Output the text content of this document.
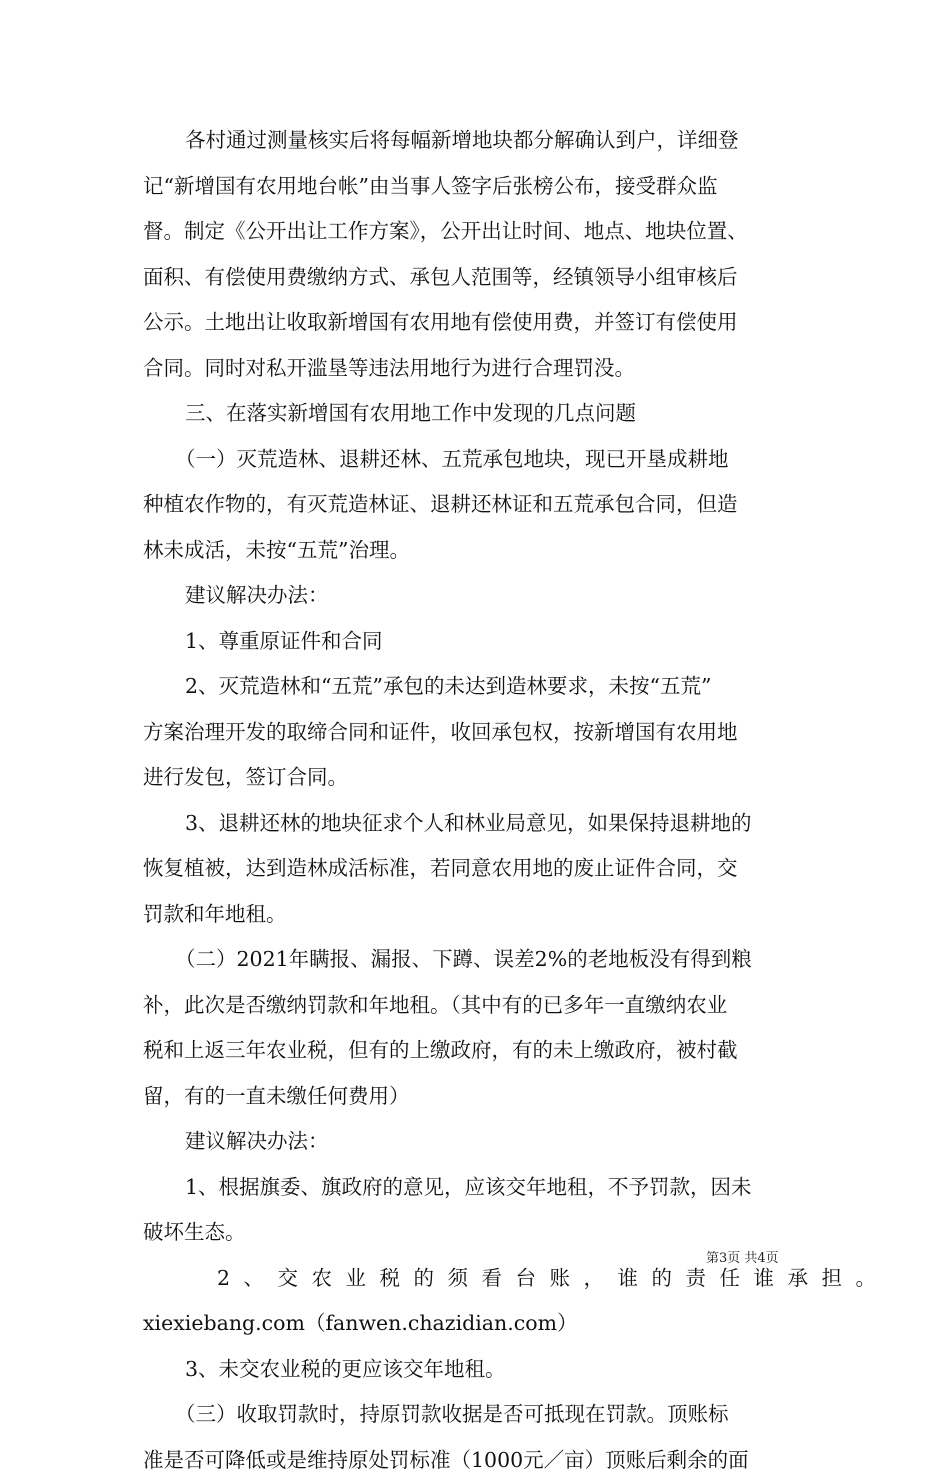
各村通过测量核实后将每幅新增地块都分解确认到户，详细登
记“新增国有农用地台帐”由当事人签字后张榜公布，接受群众监
督。制定《公开出让工作方案》，公开出让时间、地点、地块位置、
面积、有偿使用费缴纳方式、承包人范围等，经镇领导小组审核后
公示。土地出让收取新增国有农用地有偿使用费，并签订有偿使用
合同。同时对私开滥垦等违法用地行为进行合理罚没。
三、在落实新增国有农用地工作中发现的几点问题
（一）灭荒造林、退耕还林、五荒承包地块，现已开垦成耕地
种植农作物的，有灭荒造林证、退耕还林证和五荒承包合同，但造
林未成活，未按“五荒”治理。
建议解决办法：
1、尊重原证件和合同
2、灭荒造林和“五荒”承包的未达到造林要求，未按“五荒”
方案治理开发的取缔合同和证件，收回承包权，按新增国有农用地
进行发包，签订合同。
3、退耕还林的地块征求个人和林业局意见，如果保持退耕地的
恢复植被，达到造林成活标准，若同意农用地的废止证件合同，交
罚款和年地租。
（二）2021年瞒报、漏报、下蹲、误差2%的老地板没有得到粮
补，此次是否缴纳罚款和年地租。（其中有的已多年一直缴纳农业
税和上返三年农业税，但有的上缴政府，有的未上缴政府，被村截
留，有的一直未缴任何费用）
建议解决办法：
1、根据旗委、旗政府的意见，应该交年地租，不予罚款，因未
破坏生态。
2、交农业税的须看台账，谁的责任谁承担。
xiexiebang.com（fanwen.chazidian.com）
3、未交农业税的更应该交年地租。
（三）收取罚款时，持原罚款收据是否可抵现在罚款。顶账标
准是否可降低或是维持原处罚标准（1000元／亩）顶账后剩余的面
第3页 共4页
